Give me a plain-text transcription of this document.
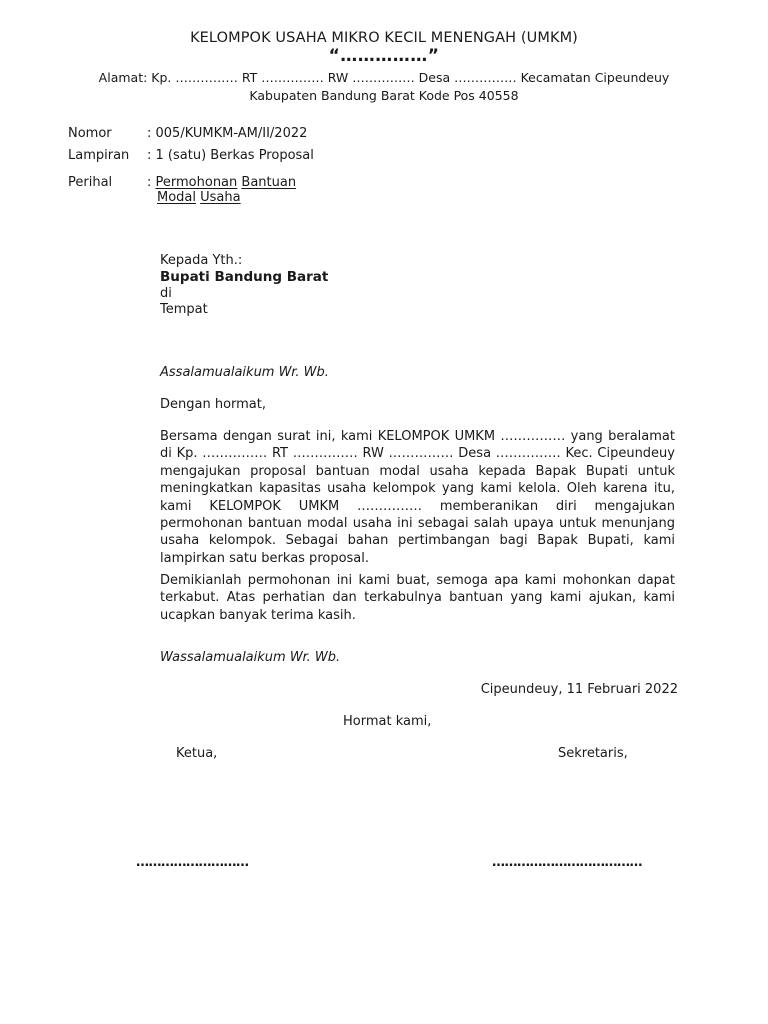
KELOMPOK USAHA MIKRO KECIL MENENGAH (UMKM)
“……………”
Alamat: Kp. …………… RT …………… RW …………… Desa …………… Kecamatan Cipeundeuy
Kabupaten Bandung Barat Kode Pos 40558
Nomor	: 005/KUMKM-AM/II/2022
Lampiran : 1 (satu) Berkas Proposal
Perihal	: Permohonan Bantuan
Modal Usaha
Kepada Yth.:
Bupati Bandung Barat
di
Tempat
Assalamualaikum Wr. Wb.
Dengan hormat,
Bersama dengan surat ini, kami KELOMPOK UMKM …………… yang beralamat di Kp. …………… RT …………… RW …………… Desa …………… Kec. Cipeundeuy mengajukan proposal bantuan modal usaha kepada Bapak Bupati untuk meningkatkan kapasitas usaha kelompok yang kami kelola. Oleh karena itu, kami KELOMPOK UMKM …………… memberanikan diri mengajukan permohonan bantuan modal usaha ini sebagai salah upaya untuk menunjang usaha kelompok. Sebagai bahan pertimbangan bagi Bapak Bupati, kami lampirkan satu berkas proposal.
Demikianlah permohonan ini kami buat, semoga apa kami mohonkan dapat terkabut. Atas perhatian dan terkabulnya bantuan yang kami ajukan, kami ucapkan banyak terima kasih.
Wassalamualaikum Wr. Wb.
Cipeundeuy, 11 Februari 2022
Hormat kami,
Ketua,	Sekretaris,
………………………	………………………………
